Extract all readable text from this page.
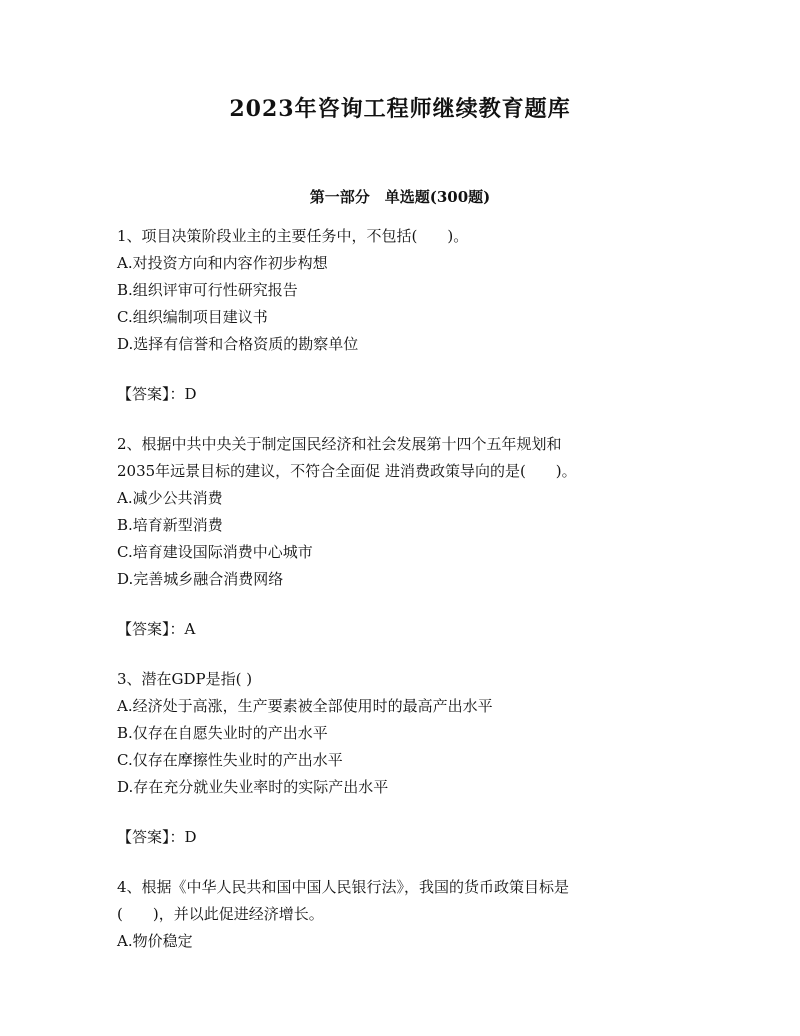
2023年咨询工程师继续教育题库
第一部分　单选题(300题)
1、项目决策阶段业主的主要任务中，不包括(　　)。
A.对投资方向和内容作初步构想
B.组织评审可行性研究报告
C.组织编制项目建议书
D.选择有信誉和合格资质的勘察单位
【答案】：D
2、根据中共中央关于制定国民经济和社会发展第十四个五年规划和
2035年远景目标的建议，不符合全面促 进消费政策导向的是(　　)。
A.减少公共消费
B.培育新型消费
C.培育建设国际消费中心城市
D.完善城乡融合消费网络
【答案】：A
3、潜在GDP是指( )
A.经济处于高涨，生产要素被全部使用时的最高产出水平
B.仅存在自愿失业时的产出水平
C.仅存在摩擦性失业时的产出水平
D.存在充分就业失业率时的实际产出水平
【答案】：D
4、根据《中华人民共和国中国人民银行法》，我国的货币政策目标是
(　　)，并以此促进经济增长。
A.物价稳定
